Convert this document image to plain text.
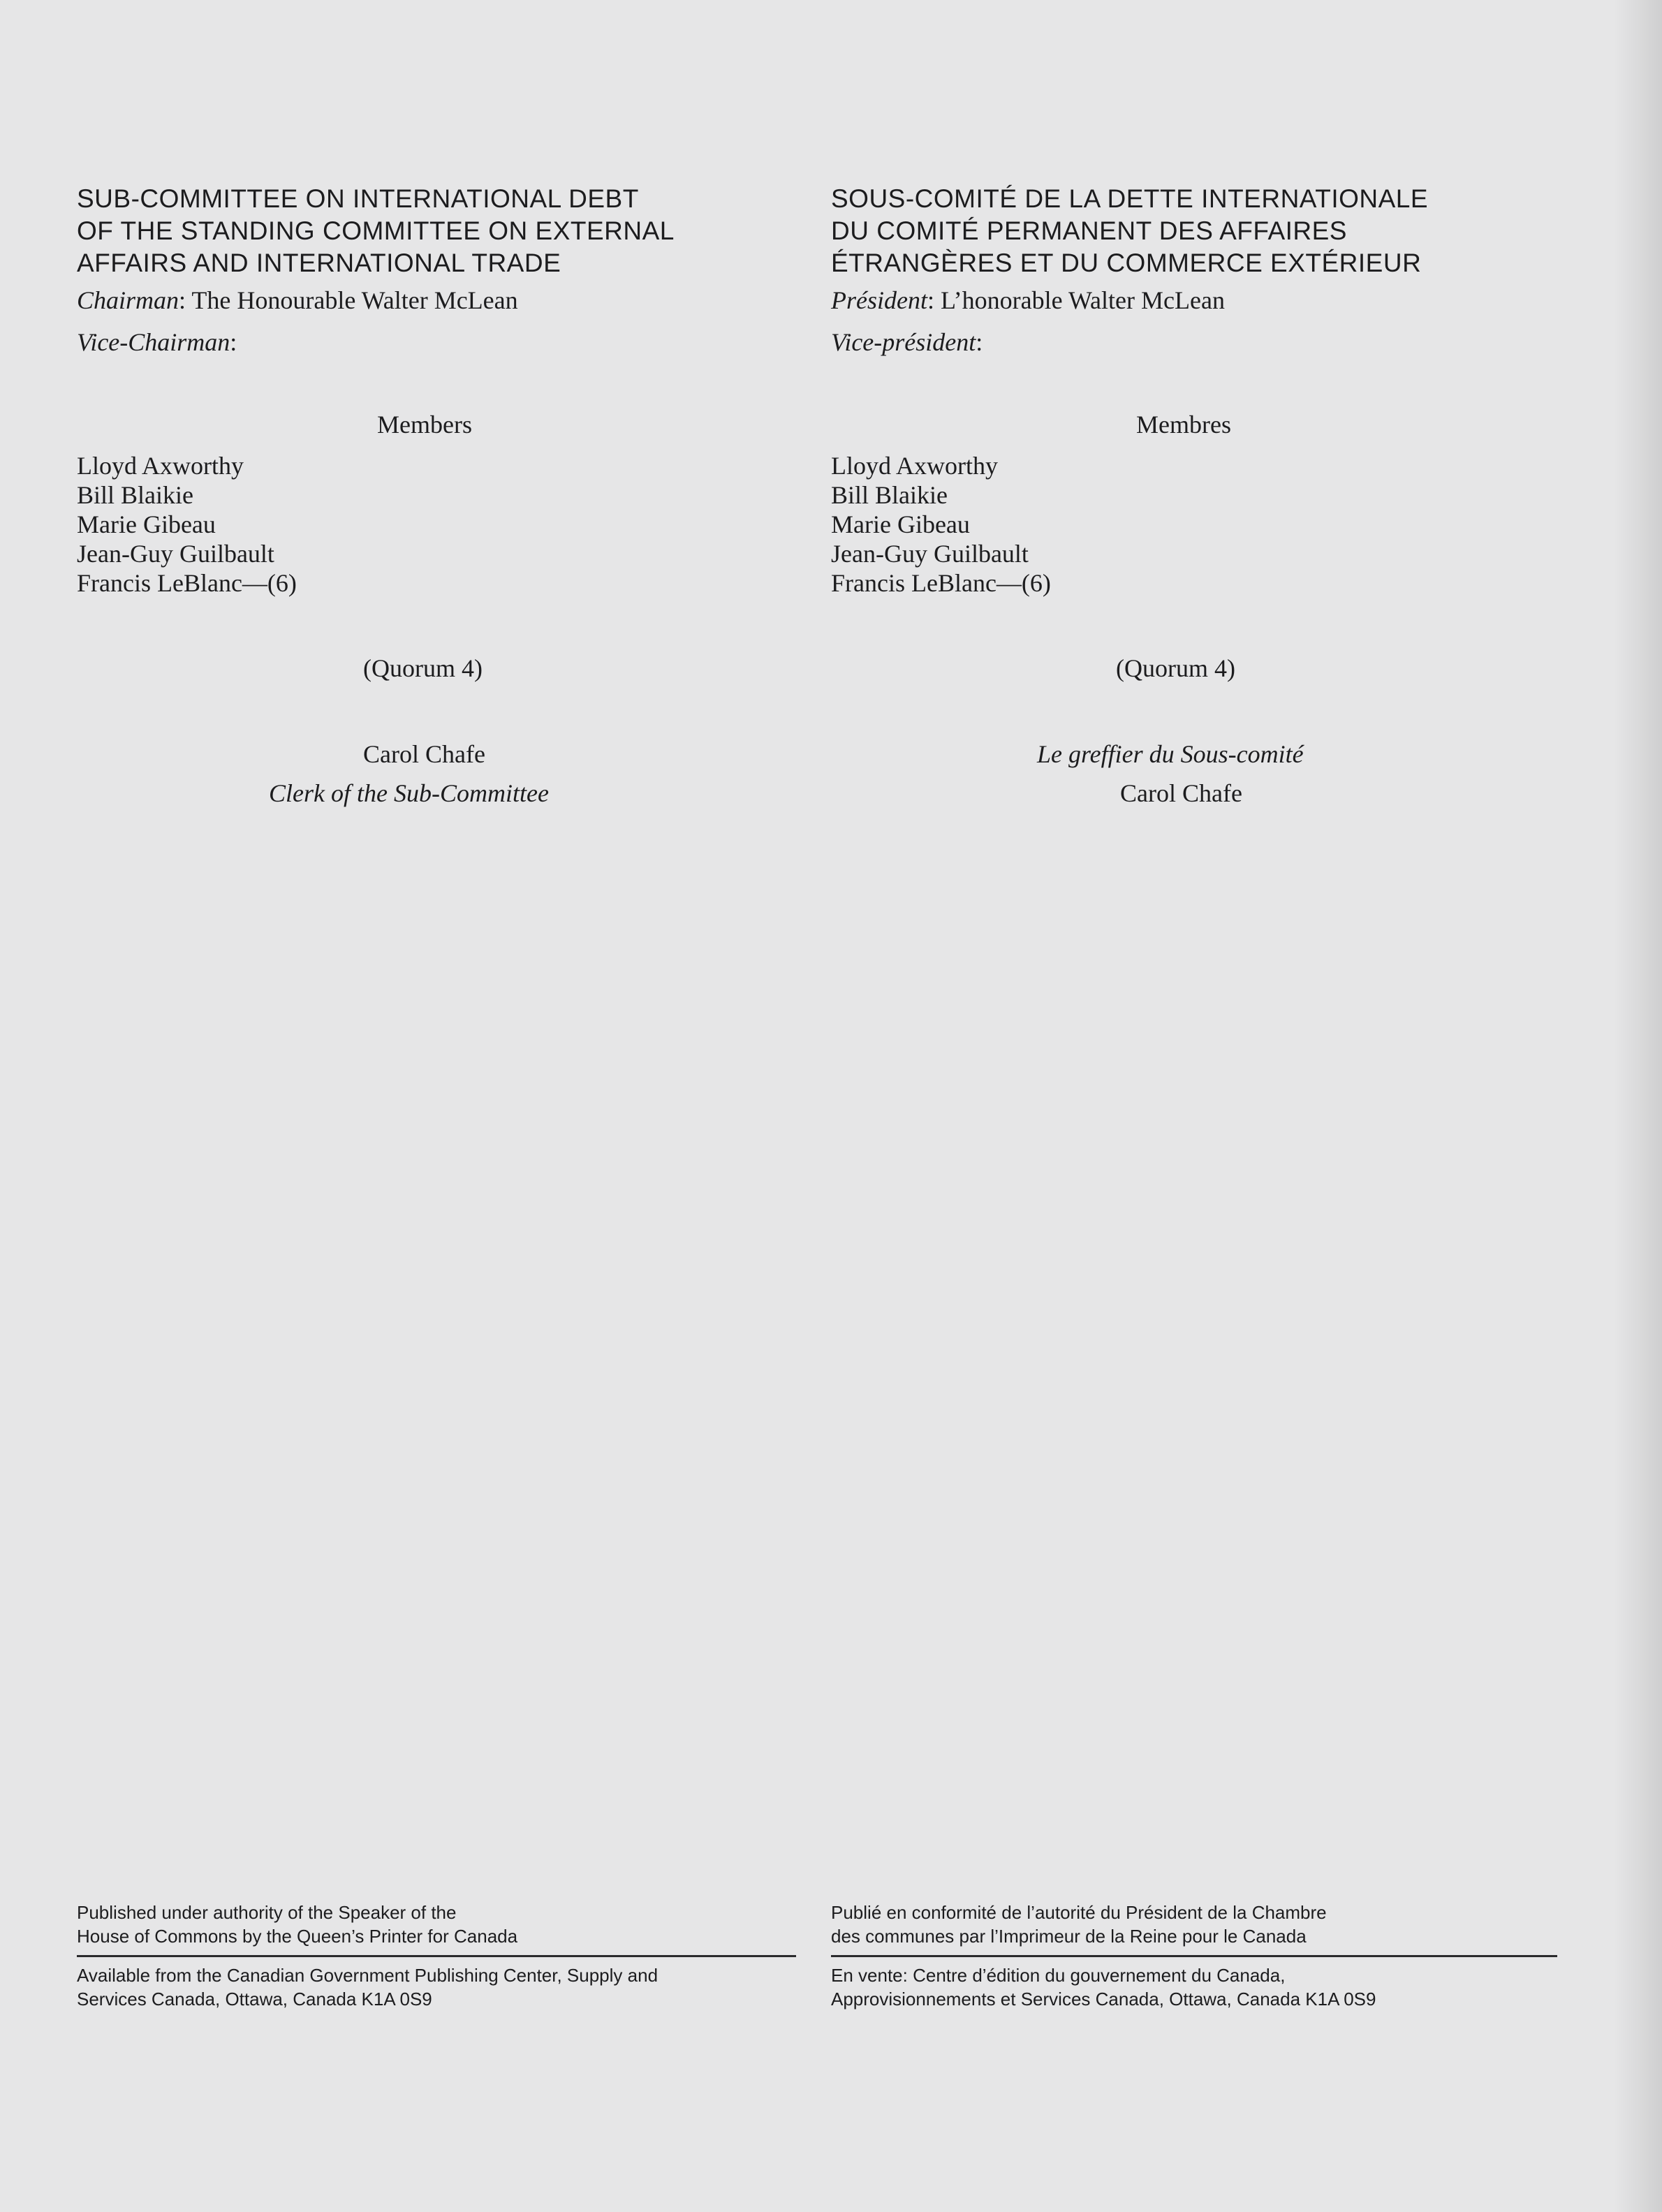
SUB-COMMITTEE ON INTERNATIONAL DEBT
OF THE STANDING COMMITTEE ON EXTERNAL
AFFAIRS AND INTERNATIONAL TRADE

Chairman: The Honourable Walter McLean

Vice-Chairman:

Members

Lloyd Axworthy
Bill Blaikie
Marie Gibeau
Jean-Guy Guilbault
Francis LeBlanc—(6)

(Quorum 4)

Carol Chafe

Clerk of the Sub-Committee

Published under authority of the Speaker of the
House of Commons by the Queen’s Printer for Canada

Available from the Canadian Government Publishing Center, Supply and
Services Canada, Ottawa, Canada K1A 0S9

SOUS-COMITÉ DE LA DETTE INTERNATIONALE
DU COMITÉ PERMANENT DES AFFAIRES
ÉTRANGÈRES ET DU COMMERCE EXTÉRIEUR

Président: L’honorable Walter McLean

Vice-président:

Membres

Lloyd Axworthy
Bill Blaikie
Marie Gibeau
Jean-Guy Guilbault
Francis LeBlanc—(6)

(Quorum 4)

Le greffier du Sous-comité

Carol Chafe

Publié en conformité de l’autorité du Président de la Chambre
des communes par l’Imprimeur de la Reine pour le Canada

En vente: Centre d’édition du gouvernement du Canada,
Approvisionnements et Services Canada, Ottawa, Canada K1A 0S9
